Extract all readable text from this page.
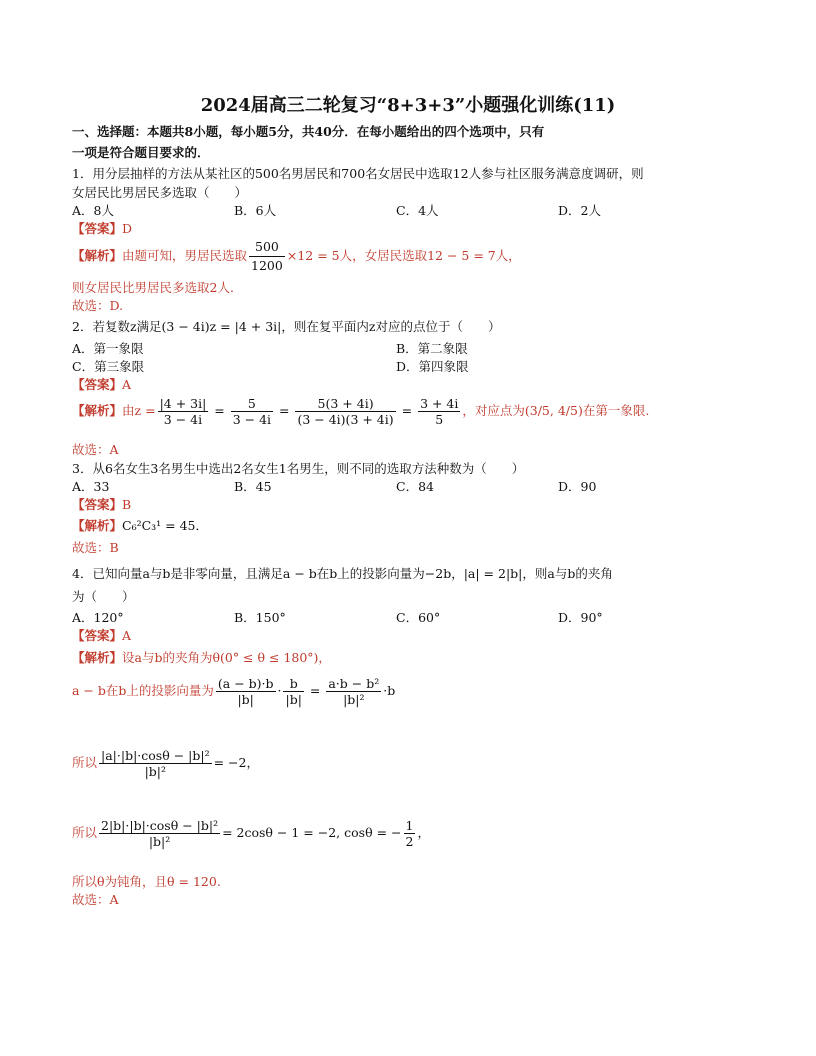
2024届高三二轮复习“8+3+3”小题强化训练(11)
一、选择题：本题共8小题，每小题5分，共40分．在每小题给出的四个选项中，只有
一项是符合题目要求的．
1．用分层抽样的方法从某社区的500名男居民和700名女居民中选取12人参与社区服务满意度调研，则
女居民比男居民多选取（　　）
A．8人	B．6人	C．4人	D．2人
【答案】D
【解析】由题可知，男居民选取 $\frac{500}{1200} \times 12 = 5$人，女居民选取12 − 5 = 7人，
则女居民比男居民多选取2人.
故选：D.
2．若复数z满足(3 − 4i)z = |4 + 3i|，则在复平面内z对应的点位于（　　）
A．第一象限	B．第二象限
C．第三象限	D．第四象限
【答案】A
【解析】由$z = \frac{|4 + 3i|}{3 - 4i} = \frac{5}{3 - 4i} = \frac{5(3 + 4i)}{(3 - 4i)(3 + 4i)} = \frac{3 + 4i}{5}$ ，对应点为(3/5, 4/5)在第一象限.
故选：A
3．从6名女生3名男生中选出2名女生1名男生，则不同的选取方法种数为（　　）
A．33	B．45	C．84	D．90
【答案】B
【解析】C₆²C₃¹ = 45．
故选：B
4．已知向量a与b是非零向量，且满足a − b在b上的投影向量为−2b，|a| = 2|b|，则a与b的夹角
为（　　）
A．120°	B．150°	C．60°	D．90°
【答案】A
【解析】设a与b的夹角为θ(0° ≤ θ ≤ 180°)，
a − b在b上的投影向量为 $\frac{(a - b)\cdot b}{|b|} \cdot \frac{b}{|b|} = \frac{\text{a·b − b²}}{\text{|b|²}} \cdot b$
所以 $\frac{\text{|a|·|b|·cosθ − |b|²}}{\text{|b|²}} = -2$，
所以 $\frac{\text{2|b|·|b|·cosθ − |b|²}}{\text{|b|²}} = 2\cos\theta - 1 = -2$, cosθ = − $\frac{1}{2}$ ，
所以θ为钝角，且θ = 120.
故选：A
